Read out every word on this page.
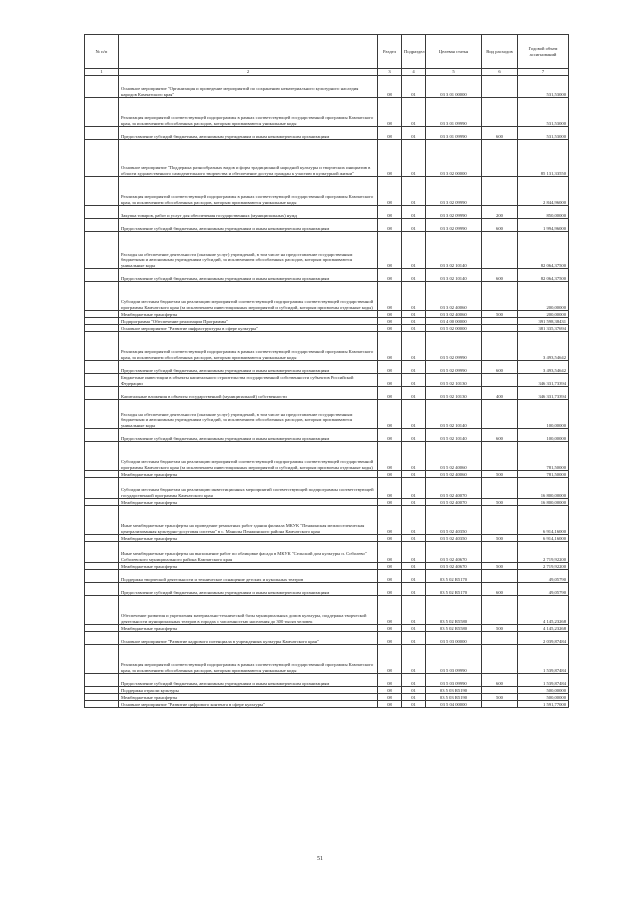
№ п/п		Раздел	Подраздел	Целевая статья	Вид расходов	Годовой объем ассигнований
1	2	3	4	5	6	7
	Основное мероприятие "Организация и проведение мероприятий по сохранению нематериального культурного наследия народов Камчатского края"	08	01	03 3 01 00000		531,53000
	Реализация мероприятий соответствующей подпрограммы в рамках соответствующей государственной программы Камчатского края, за исключением обособленных расходов, которым присваиваются уникальные коды	08	01	03 3 01 09990		531,53000
	Предоставление субсидий бюджетным, автономным учреждениям и иным некоммерческим организациям	08	01	03 3 01 09990	600	531,53000
	Основное мероприятие "Поддержка разнообразных видов и форм традиционной народной культуры и творческих инициатив в области художественного самодеятельного творчества и обеспечение доступа граждан к участию в культурной жизни"	08	01	03 3 02 00000		85 131,33550
	Реализация мероприятий соответствующей подпрограммы в рамках соответствующей государственной программы Камчатского края, за исключением обособленных расходов, которым присваиваются уникальные коды	08	01	03 3 02 09990		2 844,96000
	Закупка товаров, работ и услуг для обеспечения государственных (муниципальных) нужд	08	01	03 3 02 09990	200	850,00000
	Предоставление субсидий бюджетным, автономным учреждениям и иным некоммерческим организациям	08	01	03 3 02 09990	600	1 994,96000
	Расходы на обеспечение деятельности (оказание услуг) учреждений, в том числе на предоставление государственным бюджетным и автономным учреждениям субсидий, за исключением обособленных расходов, которым присваиваются уникальные коды	08	01	03 3 02 10140		82 064,37500
	Предоставление субсидий бюджетным, автономным учреждениям и иным некоммерческим организациям	08	01	03 3 02 10140	600	82 064,37500
	Субсидии местным бюджетам на реализацию мероприятий соответствующей подпрограммы соответствующей государственной программы Камчатского края (за исключением инвестиционных мероприятий и субсидий, которым присвоены отдельные коды)	08	01	03 3 02 40060		200,00000
	Межбюджетные трансферты	08	01	03 3 02 40060	500	200,00000
	Подпрограмма "Обеспечение реализации Программы"	08	01	03 4 00 00000		391 598,38431
	Основное мероприятие "Развитие инфраструктуры в сфере культуры"	08	01	03 5 02 00000		381 335,37694
	Реализация мероприятий соответствующей подпрограммы в рамках соответствующей государственной программы Камчатского края, за исключением обособленных расходов, которым присваиваются уникальные коды	08	01	03 5 02 09990		3 493,54642
	Предоставление субсидий бюджетным, автономным учреждениям и иным некоммерческим организациям	08	01	03 5 02 09990	600	3 493,54642
	Бюджетные инвестиции в объекты капитального строительства государственной собственности субъектов Российской Федерации	08	01	03 5 02 10130		346 331,73394
	Капитальные вложения в объекты государственной (муниципальной) собственности	08	01	03 5 02 10130	400	346 331,73394
	Расходы на обеспечение деятельности (оказание услуг) учреждений, в том числе на предоставление государственным бюджетным и автономным учреждениям субсидий, за исключением обособленных расходов, которым присваиваются уникальные коды	08	01	03 5 02 10140		100,00000
	Предоставление субсидий бюджетным, автономным учреждениям и иным некоммерческим организациям	08	01	03 5 02 10140	600	100,00000
	Субсидии местным бюджетам на реализацию мероприятий соответствующей подпрограммы соответствующей государственной программы Камчатского края (за исключением инвестиционных мероприятий и субсидий, которым присвоены отдельные коды)	08	01	03 5 02 40060		781,50000
	Межбюджетные трансферты	08	01	03 5 02 40060	500	781,50000
	Субсидии местным бюджетам на реализацию инвестиционных мероприятий соответствующей подпрограммы соответствующей государственной программы Камчатского края	08	01	03 5 02 40070		16 800,00000
	Межбюджетные трансферты	08	01	03 5 02 40070	500	16 800,00000
	Иные межбюджетные трансферты на проведение ремонтных работ здания филиала МКУК "Пенжинская межпоселенческая централизованная культурно-досуговая система" в с. Манилы Пенжинского района Камчатского края	08	01	03 5 02 40350		6 914,16000
	Межбюджетные трансферты	08	01	03 5 02 40350	500	6 914,16000
	Иные межбюджетные трансферты на выполнение работ по облицовке фасада в МКУК "Сельский дом культуры п. Соболево" Соболевского муниципального района Камчатского края	08	01	03 5 02 40670		2 719,92200
	Межбюджетные трансферты	08	01	03 5 02 40670	500	2 719,92200
	Поддержка творческой деятельности и техническое оснащение детских и кукольных театров	08	01	03 5 02 R5170		49,05790
	Предоставление субсидий бюджетным, автономным учреждениям и иным некоммерческим организациям	08	01	03 5 02 R5170	600	49,05790
	Обеспечение развития и укрепления материально-технической базы муниципальных домов культуры, поддержка творческой деятельности муниципальных театров в городах с численностью населения до 300 тысяч человек	08	01	03 5 02 R5580		4 145,23268
	Межбюджетные трансферты	08	01	03 5 02 R5580	500	4 145,23268
	Основное мероприятие "Развитие кадрового потенциала в учреждениях культуры Камчатского края"	08	01	03 5 03 00000		2 039,87484
	Реализация мероприятий соответствующей подпрограммы в рамках соответствующей государственной программы Камчатского края, за исключением обособленных расходов, которым присваиваются уникальные коды	08	01	03 5 03 09990		1 539,87484
	Предоставление субсидий бюджетным, автономным учреждениям и иным некоммерческим организациям	08	01	03 5 03 09990	600	1 539,87484
	Поддержка отрасли культуры	08	01	03 5 03 R5190		500,00000
	Межбюджетные трансферты	08	01	03 5 03 R5190	500	500,00000
	Основное мероприятие "Развитие цифрового контента в сфере культуры"	08	01	03 5 04 00000		1 591,77000
51
